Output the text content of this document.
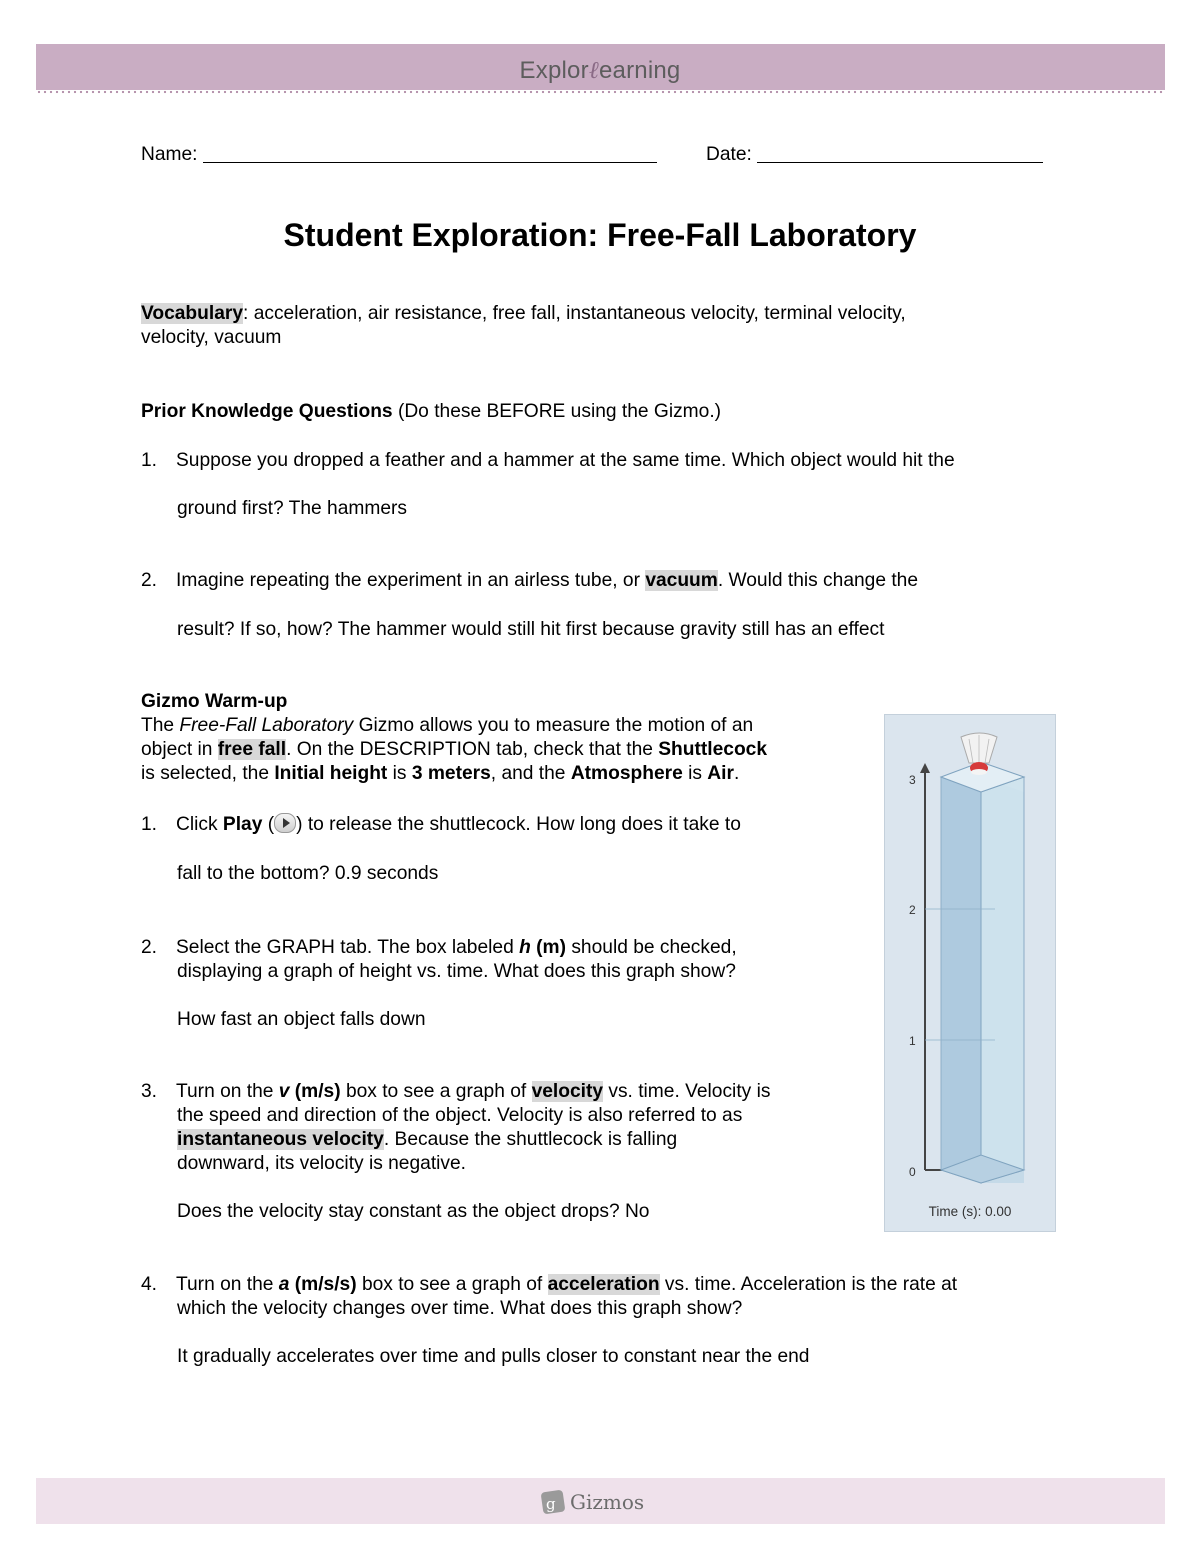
Explorℓearning
Name:	Date:
Student Exploration: Free-Fall Laboratory
Vocabulary: acceleration, air resistance, free fall, instantaneous velocity, terminal velocity,
velocity, vacuum
Prior Knowledge Questions (Do these BEFORE using the Gizmo.)
1. Suppose you dropped a feather and a hammer at the same time. Which object would hit the
ground first? The hammers
2. Imagine repeating the experiment in an airless tube, or vacuum. Would this change the
result? If so, how? The hammer would still hit first because gravity still has an effect
Gizmo Warm-up
The Free-Fall Laboratory Gizmo allows you to measure the motion of an
object in free fall. On the DESCRIPTION tab, check that the Shuttlecock
is selected, the Initial height is 3 meters, and the Atmosphere is Air.
1. Click Play ( ) to release the shuttlecock. How long does it take to
fall to the bottom? 0.9 seconds
2. Select the GRAPH tab. The box labeled h (m) should be checked,
displaying a graph of height vs. time. What does this graph show?
How fast an object falls down
3. Turn on the v (m/s) box to see a graph of velocity vs. time. Velocity is
the speed and direction of the object. Velocity is also referred to as
instantaneous velocity. Because the shuttlecock is falling
downward, its velocity is negative.
Does the velocity stay constant as the object drops? No
4. Turn on the a (m/s/s) box to see a graph of acceleration vs. time. Acceleration is the rate at
which the velocity changes over time. What does this graph show?
It gradually accelerates over time and pulls closer to constant near the end
3
2
1
0
Time (s): 0.00
g Gizmos
